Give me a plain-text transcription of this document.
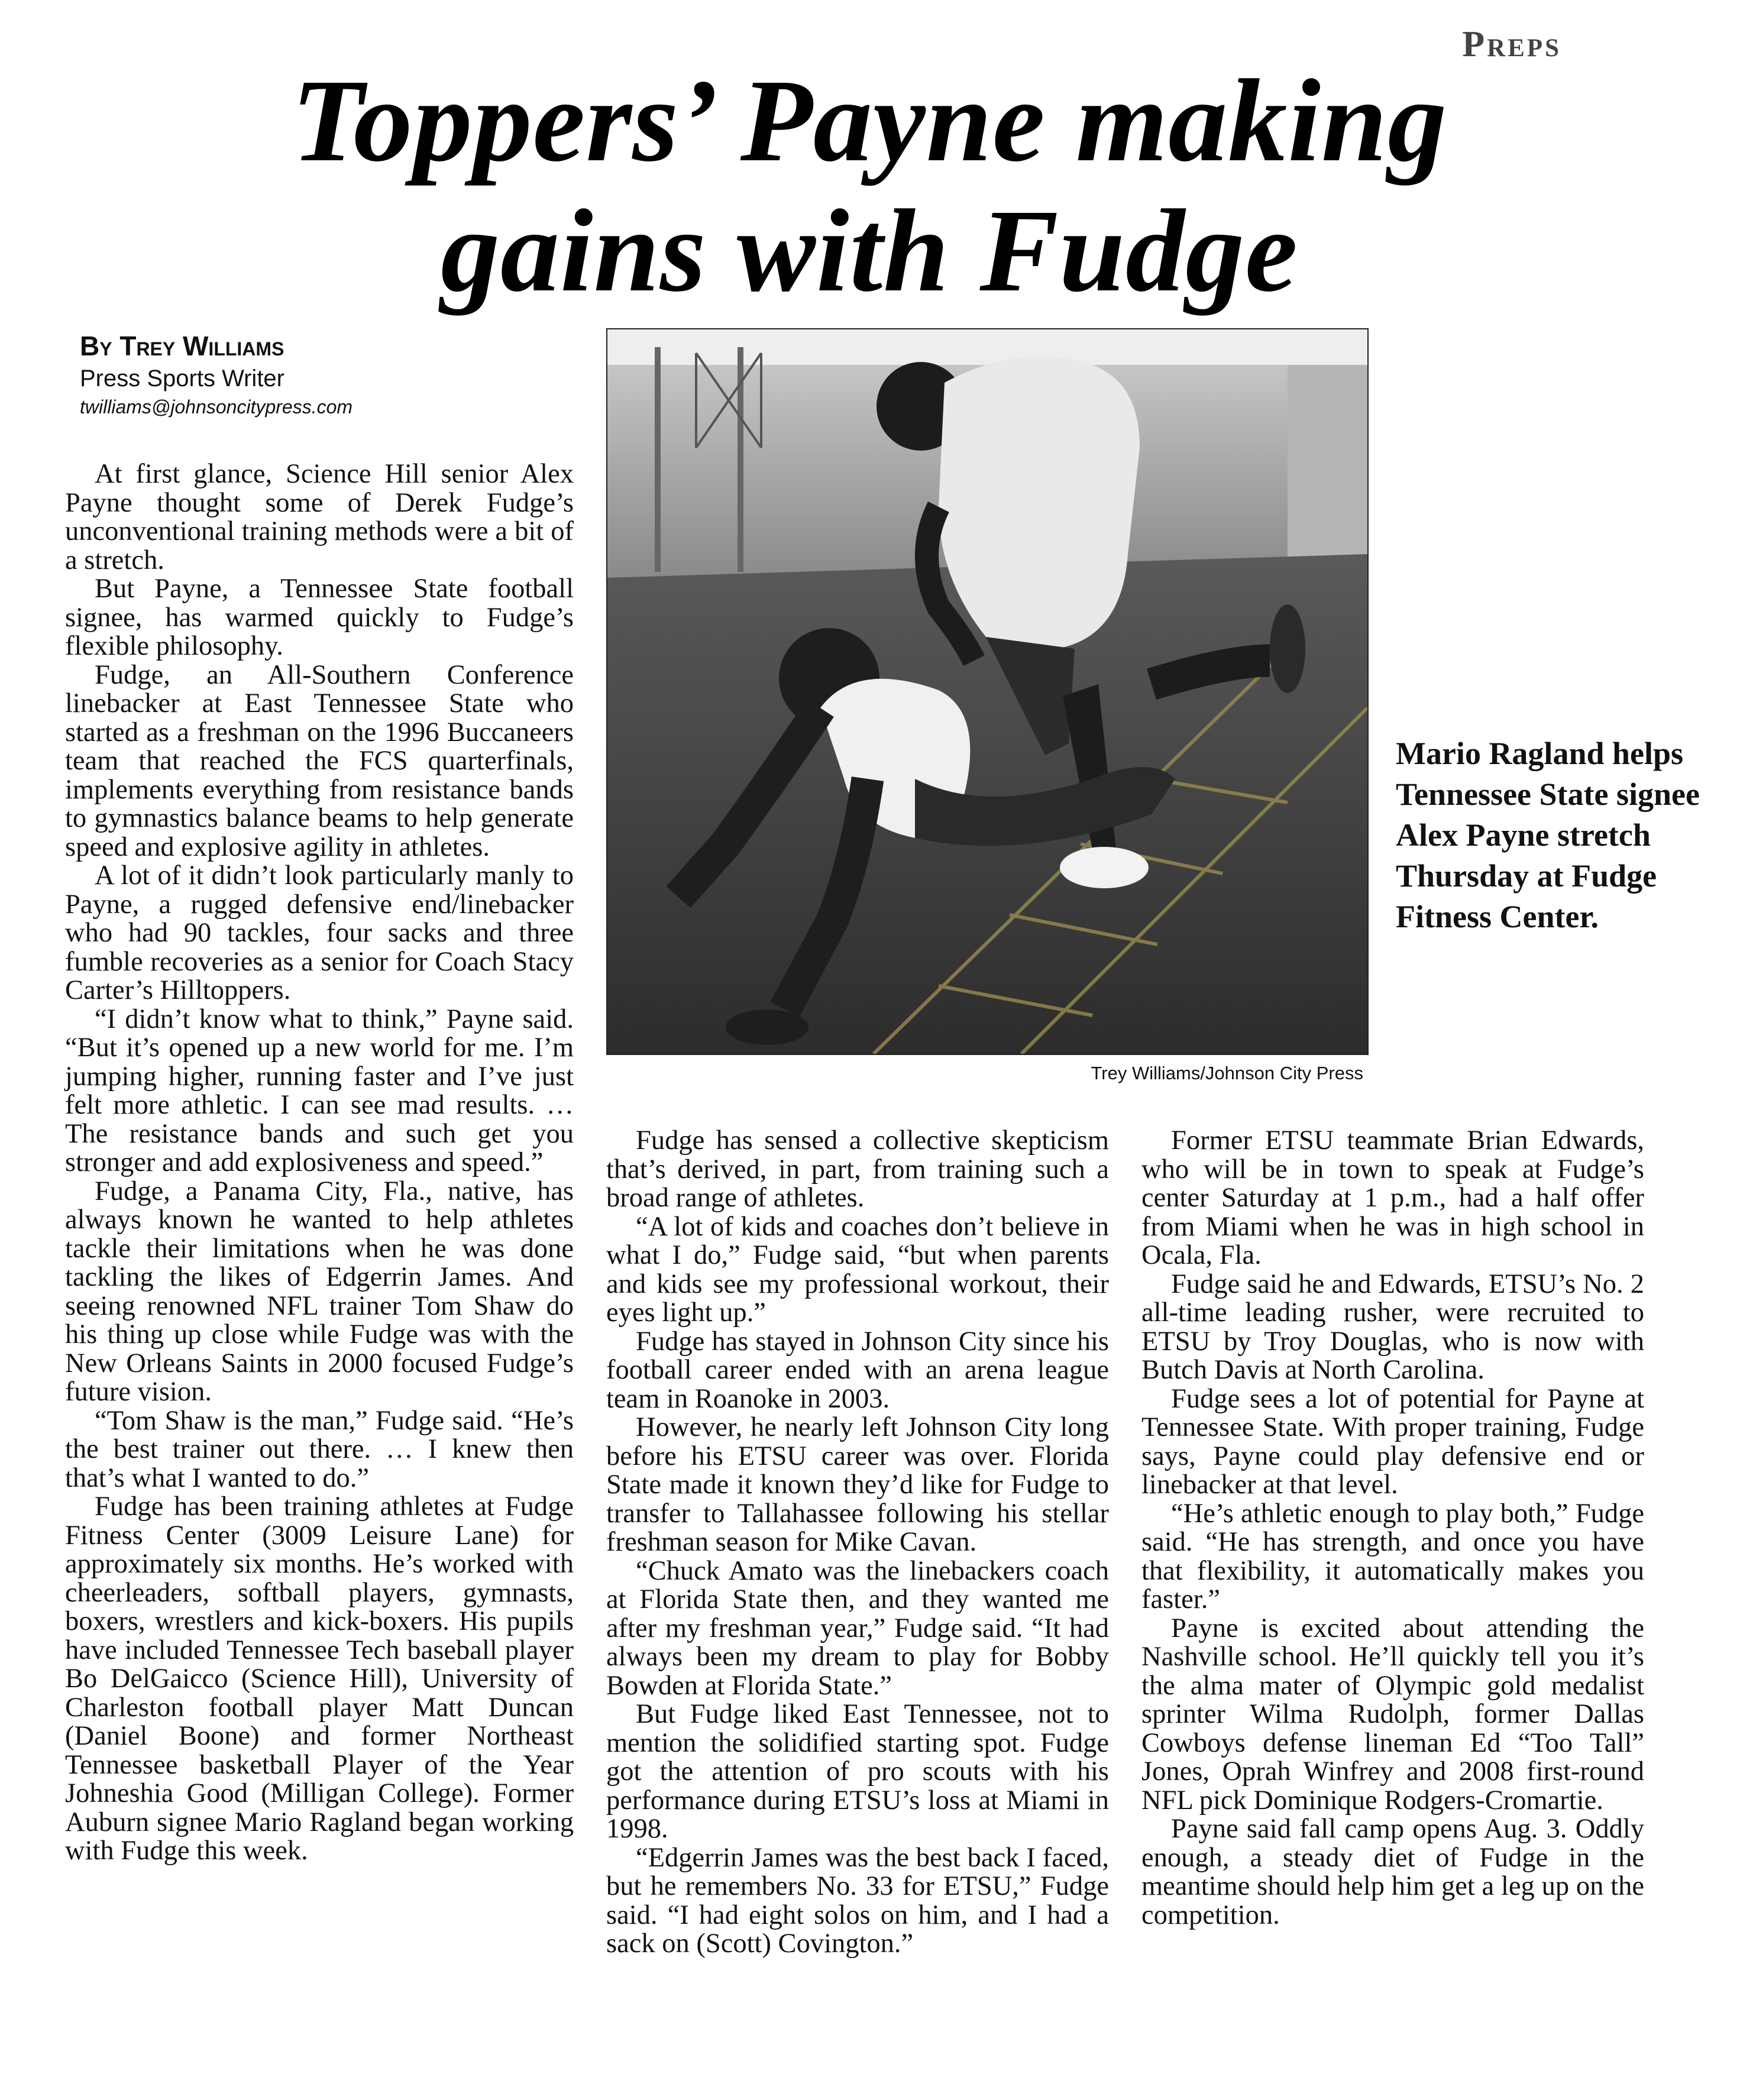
Preps
Toppers’ Payne making
gains with Fudge
By Trey Williams
Press Sports Writer
twilliams@johnsoncitypress.com
Trey Williams/Johnson City Press
Mario Ragland helps Tennessee State signee Alex Payne stretch Thursday at Fudge Fitness Center.

At first glance, Science Hill senior Alex Payne thought some of Derek Fudge’s unconventional training methods were a bit of a stretch.

But Payne, a Tennessee State football signee, has warmed quickly to Fudge’s flexible philosophy.

Fudge, an All-Southern Conference linebacker at East Tennessee State who started as a freshman on the 1996 Buccaneers team that reached the FCS quarterfinals, implements everything from resistance bands to gymnastics balance beams to help generate speed and explosive agility in athletes.

A lot of it didn’t look particularly manly to Payne, a rugged defensive end/linebacker who had 90 tackles, four sacks and three fumble recoveries as a senior for Coach Stacy Carter’s Hilltoppers.

“I didn’t know what to think,” Payne said. “But it’s opened up a new world for me. I’m jumping higher, running faster and I’ve just felt more athletic. I can see mad results. … The resistance bands and such get you stronger and add explosiveness and speed.”

Fudge, a Panama City, Fla., native, has always known he wanted to help athletes tackle their limitations when he was done tackling the likes of Edgerrin James. And seeing renowned NFL trainer Tom Shaw do his thing up close while Fudge was with the New Orleans Saints in 2000 focused Fudge’s future vision.

“Tom Shaw is the man,” Fudge said. “He’s the best trainer out there. … I knew then that’s what I wanted to do.”

Fudge has been training athletes at Fudge Fitness Center (3009 Leisure Lane) for approximately six months. He’s worked with cheerleaders, softball players, gymnasts, boxers, wrestlers and kick-boxers. His pupils have included Tennessee Tech baseball player Bo DelGaicco (Science Hill), University of Charleston football player Matt Duncan (Daniel Boone) and former Northeast Tennessee basketball Player of the Year Johneshia Good (Milligan College). Former Auburn signee Mario Ragland began working with Fudge this week.

Fudge has sensed a collective skepticism that’s derived, in part, from training such a broad range of athletes.

“A lot of kids and coaches don’t believe in what I do,” Fudge said, “but when parents and kids see my professional workout, their eyes light up.”

Fudge has stayed in Johnson City since his football career ended with an arena league team in Roanoke in 2003.

However, he nearly left Johnson City long before his ETSU career was over. Florida State made it known they’d like for Fudge to transfer to Tallahassee following his stellar freshman season for Mike Cavan.

“Chuck Amato was the linebackers coach at Florida State then, and they wanted me after my freshman year,” Fudge said. “It had always been my dream to play for Bobby Bowden at Florida State.”

But Fudge liked East Tennessee, not to mention the solidified starting spot. Fudge got the attention of pro scouts with his performance during ETSU’s loss at Miami in 1998.

“Edgerrin James was the best back I faced, but he remembers No. 33 for ETSU,” Fudge said. “I had eight solos on him, and I had a sack on (Scott) Covington.”

Former ETSU teammate Brian Edwards, who will be in town to speak at Fudge’s center Saturday at 1 p.m., had a half offer from Miami when he was in high school in Ocala, Fla.

Fudge said he and Edwards, ETSU’s No. 2 all-time leading rusher, were recruited to ETSU by Troy Douglas, who is now with Butch Davis at North Carolina.

Fudge sees a lot of potential for Payne at Tennessee State. With proper training, Fudge says, Payne could play defensive end or linebacker at that level.

“He’s athletic enough to play both,” Fudge said. “He has strength, and once you have that flexibility, it automatically makes you faster.”

Payne is excited about attending the Nashville school. He’ll quickly tell you it’s the alma mater of Olympic gold medalist sprinter Wilma Rudolph, former Dallas Cowboys defense lineman Ed “Too Tall” Jones, Oprah Winfrey and 2008 first-round NFL pick Dominique Rodgers-Cromartie.

Payne said fall camp opens Aug. 3. Oddly enough, a steady diet of Fudge in the meantime should help him get a leg up on the competition.
